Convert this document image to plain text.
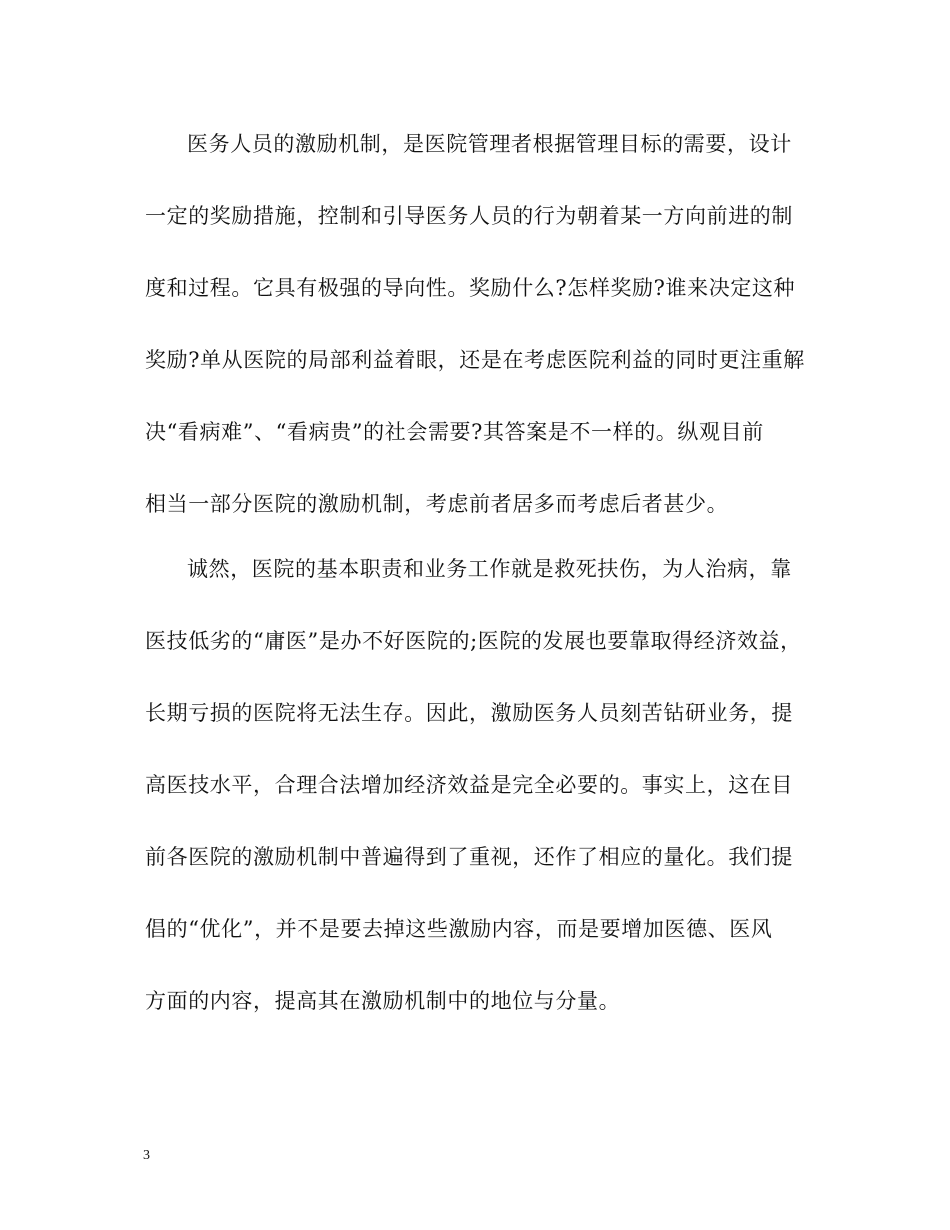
医务人员的激励机制，是医院管理者根据管理目标的需要，设计
一定的奖励措施，控制和引导医务人员的行为朝着某一方向前进的制
度和过程。它具有极强的导向性。奖励什么?怎样奖励?谁来决定这种
奖励?单从医院的局部利益着眼，还是在考虑医院利益的同时更注重解
决“看病难”、“看病贵”的社会需要?其答案是不一样的。纵观目前
相当一部分医院的激励机制，考虑前者居多而考虑后者甚少。
诚然，医院的基本职责和业务工作就是救死扶伤，为人治病，靠
医技低劣的“庸医”是办不好医院的;医院的发展也要靠取得经济效益，
长期亏损的医院将无法生存。因此，激励医务人员刻苦钻研业务，提
高医技水平，合理合法增加经济效益是完全必要的。事实上，这在目
前各医院的激励机制中普遍得到了重视，还作了相应的量化。我们提
倡的“优化”，并不是要去掉这些激励内容，而是要增加医德、医风
方面的内容，提高其在激励机制中的地位与分量。
3
